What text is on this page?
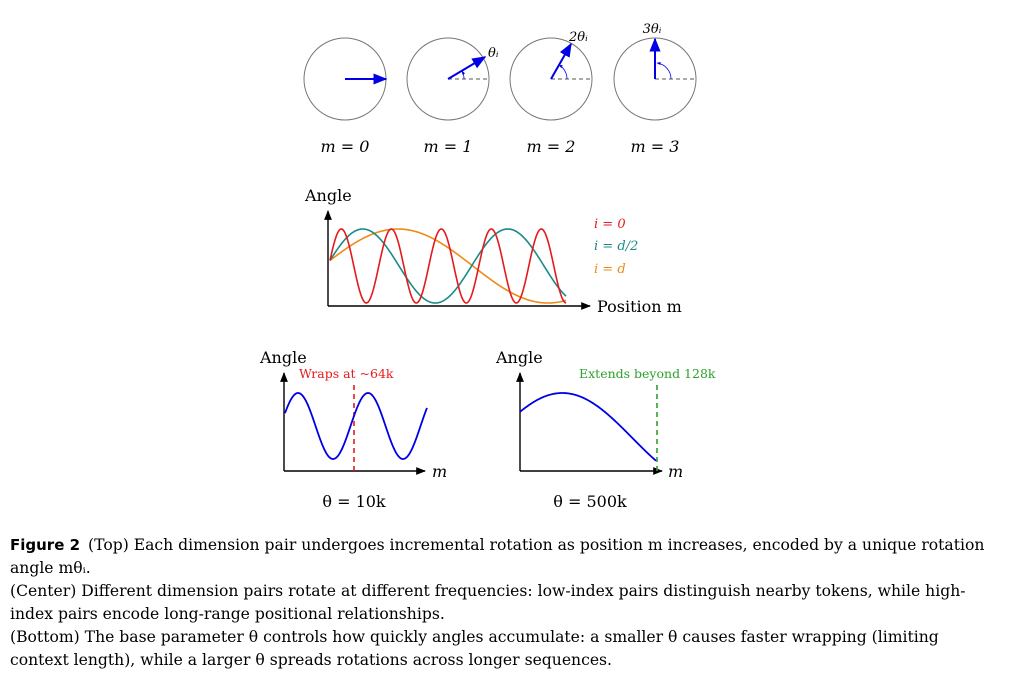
m = 0
θᵢ
m = 1
2θᵢ
m = 2
3θᵢ
m = 3
Angle
Position m
i = 0
i = d/2
i = d
Angle
m
Wraps at ~64k
θ = 10k
Angle
m
Extends beyond 128k
θ = 500k

Figure 2 (Top) Each dimension pair undergoes incremental rotation as position m increases, encoded by a unique rotation angle mθᵢ.

(Center) Different dimension pairs rotate at different frequencies: low-index pairs distinguish nearby tokens, while high-index pairs encode long-range positional relationships.

(Bottom) The base parameter θ controls how quickly angles accumulate: a smaller θ causes faster wrapping (limiting context length), while a larger θ spreads rotations across longer sequences.
